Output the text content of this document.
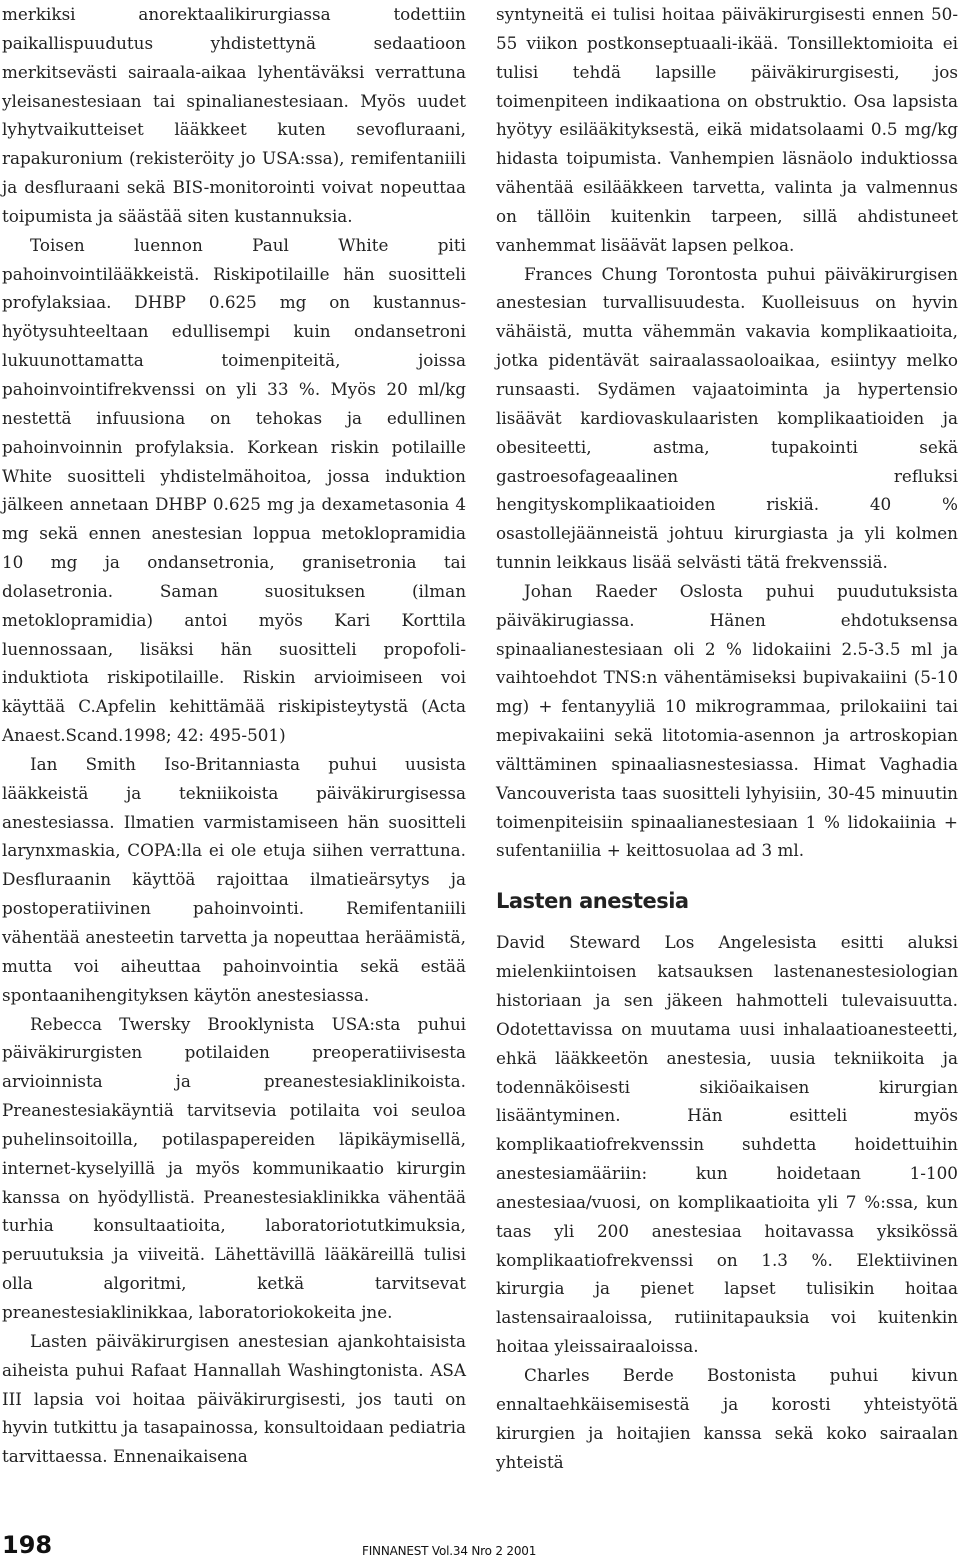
merkiksi anorektaalikirurgiassa todettiin paikallispuudutus yhdistettynä sedaatioon merkitsevästi sairaala-aikaa lyhentäväksi verrattuna yleisanestesiaan tai spinalianestesiaan. Myös uudet lyhytvaikutteiset lääkkeet kuten sevofluraani, rapakuronium (rekisteröity jo USA:ssa), remifentaniili ja desfluraani sekä BIS-monitorointi voivat nopeuttaa toipumista ja säästää siten kustannuksia.

Toisen luennon Paul White piti pahoinvointilääkkeistä. Riskipotilaille hän suositteli profylaksiaa. DHBP 0.625 mg on kustannus-hyötysuhteeltaan edullisempi kuin ondansetroni lukuunottamatta toimenpiteitä, joissa pahoinvointifrekvenssi on yli 33 %. Myös 20 ml/kg nestettä infuusiona on tehokas ja edullinen pahoinvoinnin profylaksia. Korkean riskin potilaille White suositteli yhdistelmähoitoa, jossa induktion jälkeen annetaan DHBP 0.625 mg ja dexametasonia 4 mg sekä ennen anestesian loppua metoklopramidia 10 mg ja ondansetronia, granisetronia tai dolasetronia. Saman suosituksen (ilman metoklopramidia) antoi myös Kari Korttila luennossaan, lisäksi hän suositteli propofoli-induktiota riskipotilaille. Riskin arvioimiseen voi käyttää C.Apfelin kehittämää riskipisteytystä (Acta Anaest.Scand.1998; 42: 495-501)

Ian Smith Iso-Britanniasta puhui uusista lääkkeistä ja tekniikoista päiväkirurgisessa anestesiassa. Ilmatien varmistamiseen hän suositteli larynxmaskia, COPA:lla ei ole etuja siihen verrattuna. Desfluraanin käyttöä rajoittaa ilmatieärsytys ja postoperatiivinen pahoinvointi. Remifentaniili vähentää anesteetin tarvetta ja nopeuttaa heräämistä, mutta voi aiheuttaa pahoinvointia sekä estää spontaanihengityksen käytön anestesiassa.

Rebecca Twersky Brooklynista USA:sta puhui päiväkirurgisten potilaiden preoperatiivisesta arvioinnista ja preanestesiaklinikoista. Preanestesiakäyntiä tarvitsevia potilaita voi seuloa puhelinsoitoilla, potilaspapereiden läpikäymisellä, internet-kyselyillä ja myös kommunikaatio kirurgin kanssa on hyödyllistä. Preanestesiaklinikka vähentää turhia konsultaatioita, laboratoriotutkimuksia, peruutuksia ja viiveitä. Lähettävillä lääkäreillä tulisi olla algoritmi, ketkä tarvitsevat preanestesiaklinikkaa, laboratoriokokeita jne.

Lasten päiväkirurgisen anestesian ajankohtaisista aiheista puhui Rafaat Hannallah Washingtonista. ASA III lapsia voi hoitaa päiväkirurgisesti, jos tauti on hyvin tutkittu ja tasapainossa, konsultoidaan pediatria tarvittaessa. Ennenaikaisena

syntyneitä ei tulisi hoitaa päiväkirurgisesti ennen 50-55 viikon postkonseptuaali-ikää. Tonsillektomioita ei tulisi tehdä lapsille päiväkirurgisesti, jos toimenpiteen indikaationa on obstruktio. Osa lapsista hyötyy esilääkityksestä, eikä midatsolaami 0.5 mg/kg hidasta toipumista. Vanhempien läsnäolo induktiossa vähentää esilääkkeen tarvetta, valinta ja valmennus on tällöin kuitenkin tarpeen, sillä ahdistuneet vanhemmat lisäävät lapsen pelkoa.

Frances Chung Torontosta puhui päiväkirurgisen anestesian turvallisuudesta. Kuolleisuus on hyvin vähäistä, mutta vähemmän vakavia komplikaatioita, jotka pidentävät sairaalassaoloaikaa, esiintyy melko runsaasti. Sydämen vajaatoiminta ja hypertensio lisäävät kardiovaskulaaristen komplikaatioiden ja obesiteetti, astma, tupakointi sekä gastroesofageaalinen refluksi hengityskomplikaatioiden riskiä. 40 % osastollejäänneistä johtuu kirurgiasta ja yli kolmen tunnin leikkaus lisää selvästi tätä frekvenssiä.

Johan Raeder Oslosta puhui puudutuksista päiväkirugiassa. Hänen ehdotuksensa spinaalianestesiaan oli 2 % lidokaiini 2.5-3.5 ml ja vaihtoehdot TNS:n vähentämiseksi bupivakaiini (5-10 mg) + fentanyyliä 10 mikrogrammaa, prilokaiini tai mepivakaiini sekä litotomia-asennon ja artroskopian välttäminen spinaaliasnestesiassa. Himat Vaghadia Vancouverista taas suositteli lyhyisiin, 30-45 minuutin toimenpiteisiin spinaalianestesiaan 1 % lidokaiinia + sufentaniilia + keittosuolaa ad 3 ml.

Lasten anestesia

David Steward Los Angelesista esitti aluksi mielenkiintoisen katsauksen lastenanestesiologian historiaan ja sen jäkeen hahmotteli tulevaisuutta. Odotettavissa on muutama uusi inhalaatioanesteetti, ehkä lääkkeetön anestesia, uusia tekniikoita ja todennäköisesti sikiöaikaisen kirurgian lisääntyminen. Hän esitteli myös komplikaatiofrekvenssin suhdetta hoidettuihin anestesiamääriin: kun hoidetaan 1-100 anestesiaa/vuosi, on komplikaatioita yli 7 %:ssa, kun taas yli 200 anestesiaa hoitavassa yksikössä komplikaatiofrekvenssi on 1.3 %. Elektiivinen kirurgia ja pienet lapset tulisikin hoitaa lastensairaaloissa, rutiinitapauksia voi kuitenkin hoitaa yleissairaaloissa.

Charles Berde Bostonista puhui kivun ennaltaehkäisemisestä ja korosti yhteistyötä kirurgien ja hoitajien kanssa sekä koko sairaalan yhteistä

198	FINNANEST Vol.34 Nro 2 2001
